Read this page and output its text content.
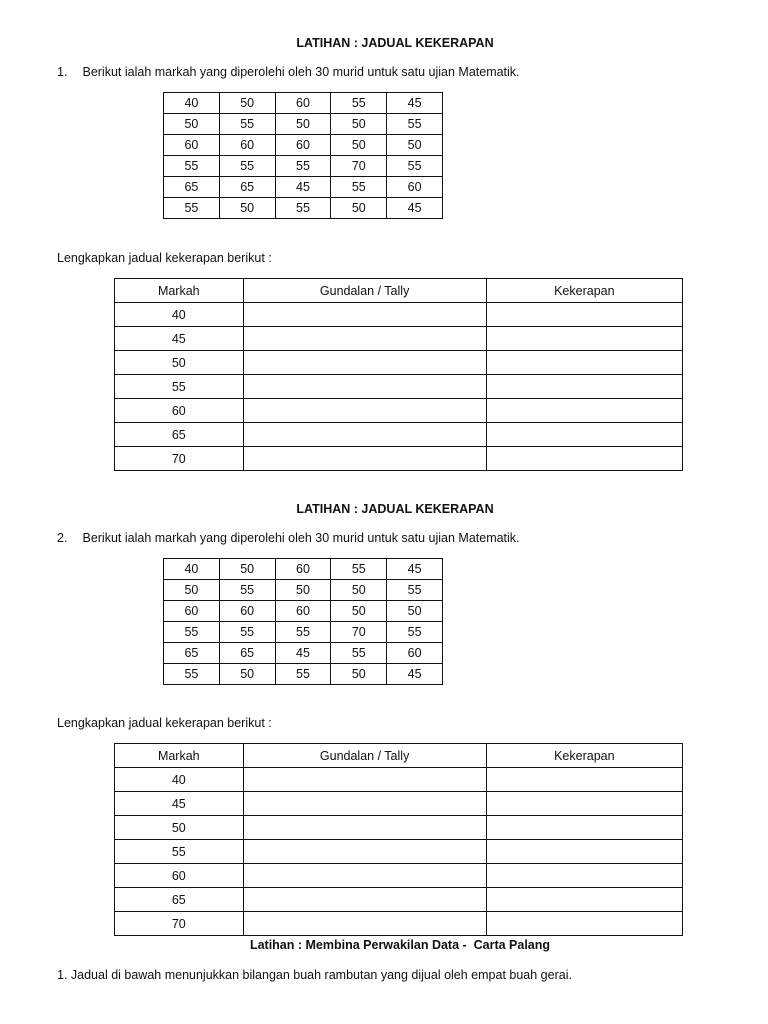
LATIHAN : JADUAL KEKERAPAN
1. Berikut ialah markah yang diperolehi oleh 30 murid untuk satu ujian Matematik.
40	50	60	55	45
50	55	50	50	55
60	60	60	50	50
55	55	55	70	55
65	65	45	55	60
55	50	55	50	45
Lengkapkan jadual kekerapan berikut :
Markah	Gundalan / Tally	Kekerapan
40		
45		
50		
55		
60		
65		
70		
LATIHAN : JADUAL KEKERAPAN
2. Berikut ialah markah yang diperolehi oleh 30 murid untuk satu ujian Matematik.
40	50	60	55	45
50	55	50	50	55
60	60	60	50	50
55	55	55	70	55
65	65	45	55	60
55	50	55	50	45
Lengkapkan jadual kekerapan berikut :
Markah	Gundalan / Tally	Kekerapan
40		
45		
50		
55		
60		
65		
70		
Latihan : Membina Perwakilan Data -  Carta Palang
1. Jadual di bawah menunjukkan bilangan buah rambutan yang dijual oleh empat buah gerai.
